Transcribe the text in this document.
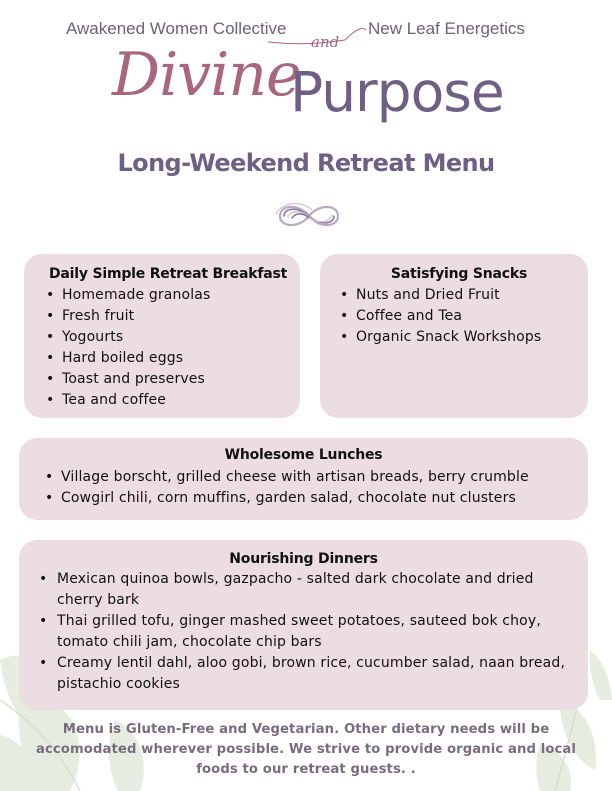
Awakened Women Collective
and
New Leaf Energetics
Divine
Purpose
Long-Weekend Retreat Menu
Daily Simple Retreat Breakfast
• Homemade granolas
• Fresh fruit
• Yogourts
• Hard boiled eggs
• Toast and preserves
• Tea and coffee
Satisfying Snacks
• Nuts and Dried Fruit
• Coffee and Tea
• Organic Snack Workshops
Wholesome Lunches
• Village borscht, grilled cheese with artisan breads, berry crumble
• Cowgirl chili, corn muffins, garden salad, chocolate nut clusters
Nourishing Dinners
• Mexican quinoa bowls, gazpacho - salted dark chocolate and dried cherry bark
• Thai grilled tofu, ginger mashed sweet potatoes, sauteed bok choy, tomato chili jam, chocolate chip bars
• Creamy lentil dahl, aloo gobi, brown rice, cucumber salad, naan bread, pistachio cookies
Menu is Gluten-Free and Vegetarian. Other dietary needs will be accomodated wherever possible. We strive to provide organic and local foods to our retreat guests. .
